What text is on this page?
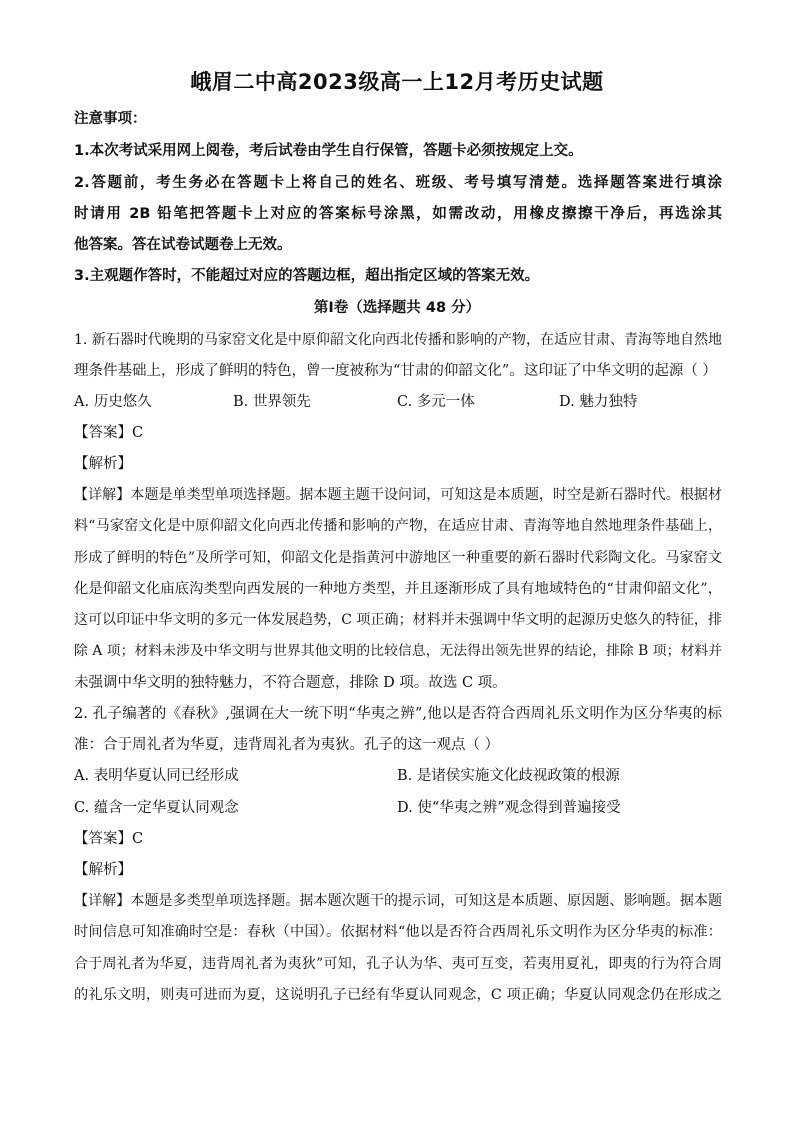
峨眉二中高2023级高一上12月考历史试题
注意事项：
1.本次考试采用网上阅卷，考后试卷由学生自行保管，答题卡必须按规定上交。
2.答题前，考生务必在答题卡上将自己的姓名、班级、考号填写清楚。选择题答案进行填涂
时请用 2B 铅笔把答题卡上对应的答案标号涂黑，如需改动，用橡皮擦擦干净后，再选涂其
他答案。答在试卷试题卷上无效。
3.主观题作答时，不能超过对应的答题边框，超出指定区域的答案无效。
第Ⅰ卷（选择题共 48 分）
1. 新石器时代晚期的马家窑文化是中原仰韶文化向西北传播和影响的产物，在适应甘肃、青海等地自然地
理条件基础上，形成了鲜明的特色，曾一度被称为“甘肃的仰韶文化”。这印证了中华文明的起源（ ）
A. 历史悠久	B. 世界领先	C. 多元一体	D. 魅力独特
【答案】C
【解析】
【详解】本题是单类型单项选择题。据本题主题干设问词，可知这是本质题，时空是新石器时代。根据材
料“马家窑文化是中原仰韶文化向西北传播和影响的产物，在适应甘肃、青海等地自然地理条件基础上，
形成了鲜明的特色”及所学可知，仰韶文化是指黄河中游地区一种重要的新石器时代彩陶文化。马家窑文
化是仰韶文化庙底沟类型向西发展的一种地方类型，并且逐渐形成了具有地域特色的“甘肃仰韶文化”，
这可以印证中华文明的多元一体发展趋势，C 项正确；材料并未强调中华文明的起源历史悠久的特征，排
除 A 项；材料未涉及中华文明与世界其他文明的比较信息，无法得出领先世界的结论，排除 B 项；材料并
未强调中华文明的独特魅力，不符合题意，排除 D 项。故选 C 项。
2. 孔子编著的《春秋》,强调在大一统下明“华夷之辨”,他以是否符合西周礼乐文明作为区分华夷的标
准：合于周礼者为华夏，违背周礼者为夷狄。孔子的这一观点（ ）
A. 表明华夏认同已经形成	B. 是诸侯实施文化歧视政策的根源
C. 蕴含一定华夏认同观念	D. 使“华夷之辨”观念得到普遍接受
【答案】C
【解析】
【详解】本题是多类型单项选择题。据本题次题干的提示词，可知这是本质题、原因题、影响题。据本题
时间信息可知准确时空是：春秋（中国）。依据材料“他以是否符合西周礼乐文明作为区分华夷的标准：
合于周礼者为华夏，违背周礼者为夷狄”可知，孔子认为华、夷可互变，若夷用夏礼，即夷的行为符合周
的礼乐文明，则夷可进而为夏，这说明孔子已经有华夏认同观念，C 项正确；华夏认同观念仍在形成之
